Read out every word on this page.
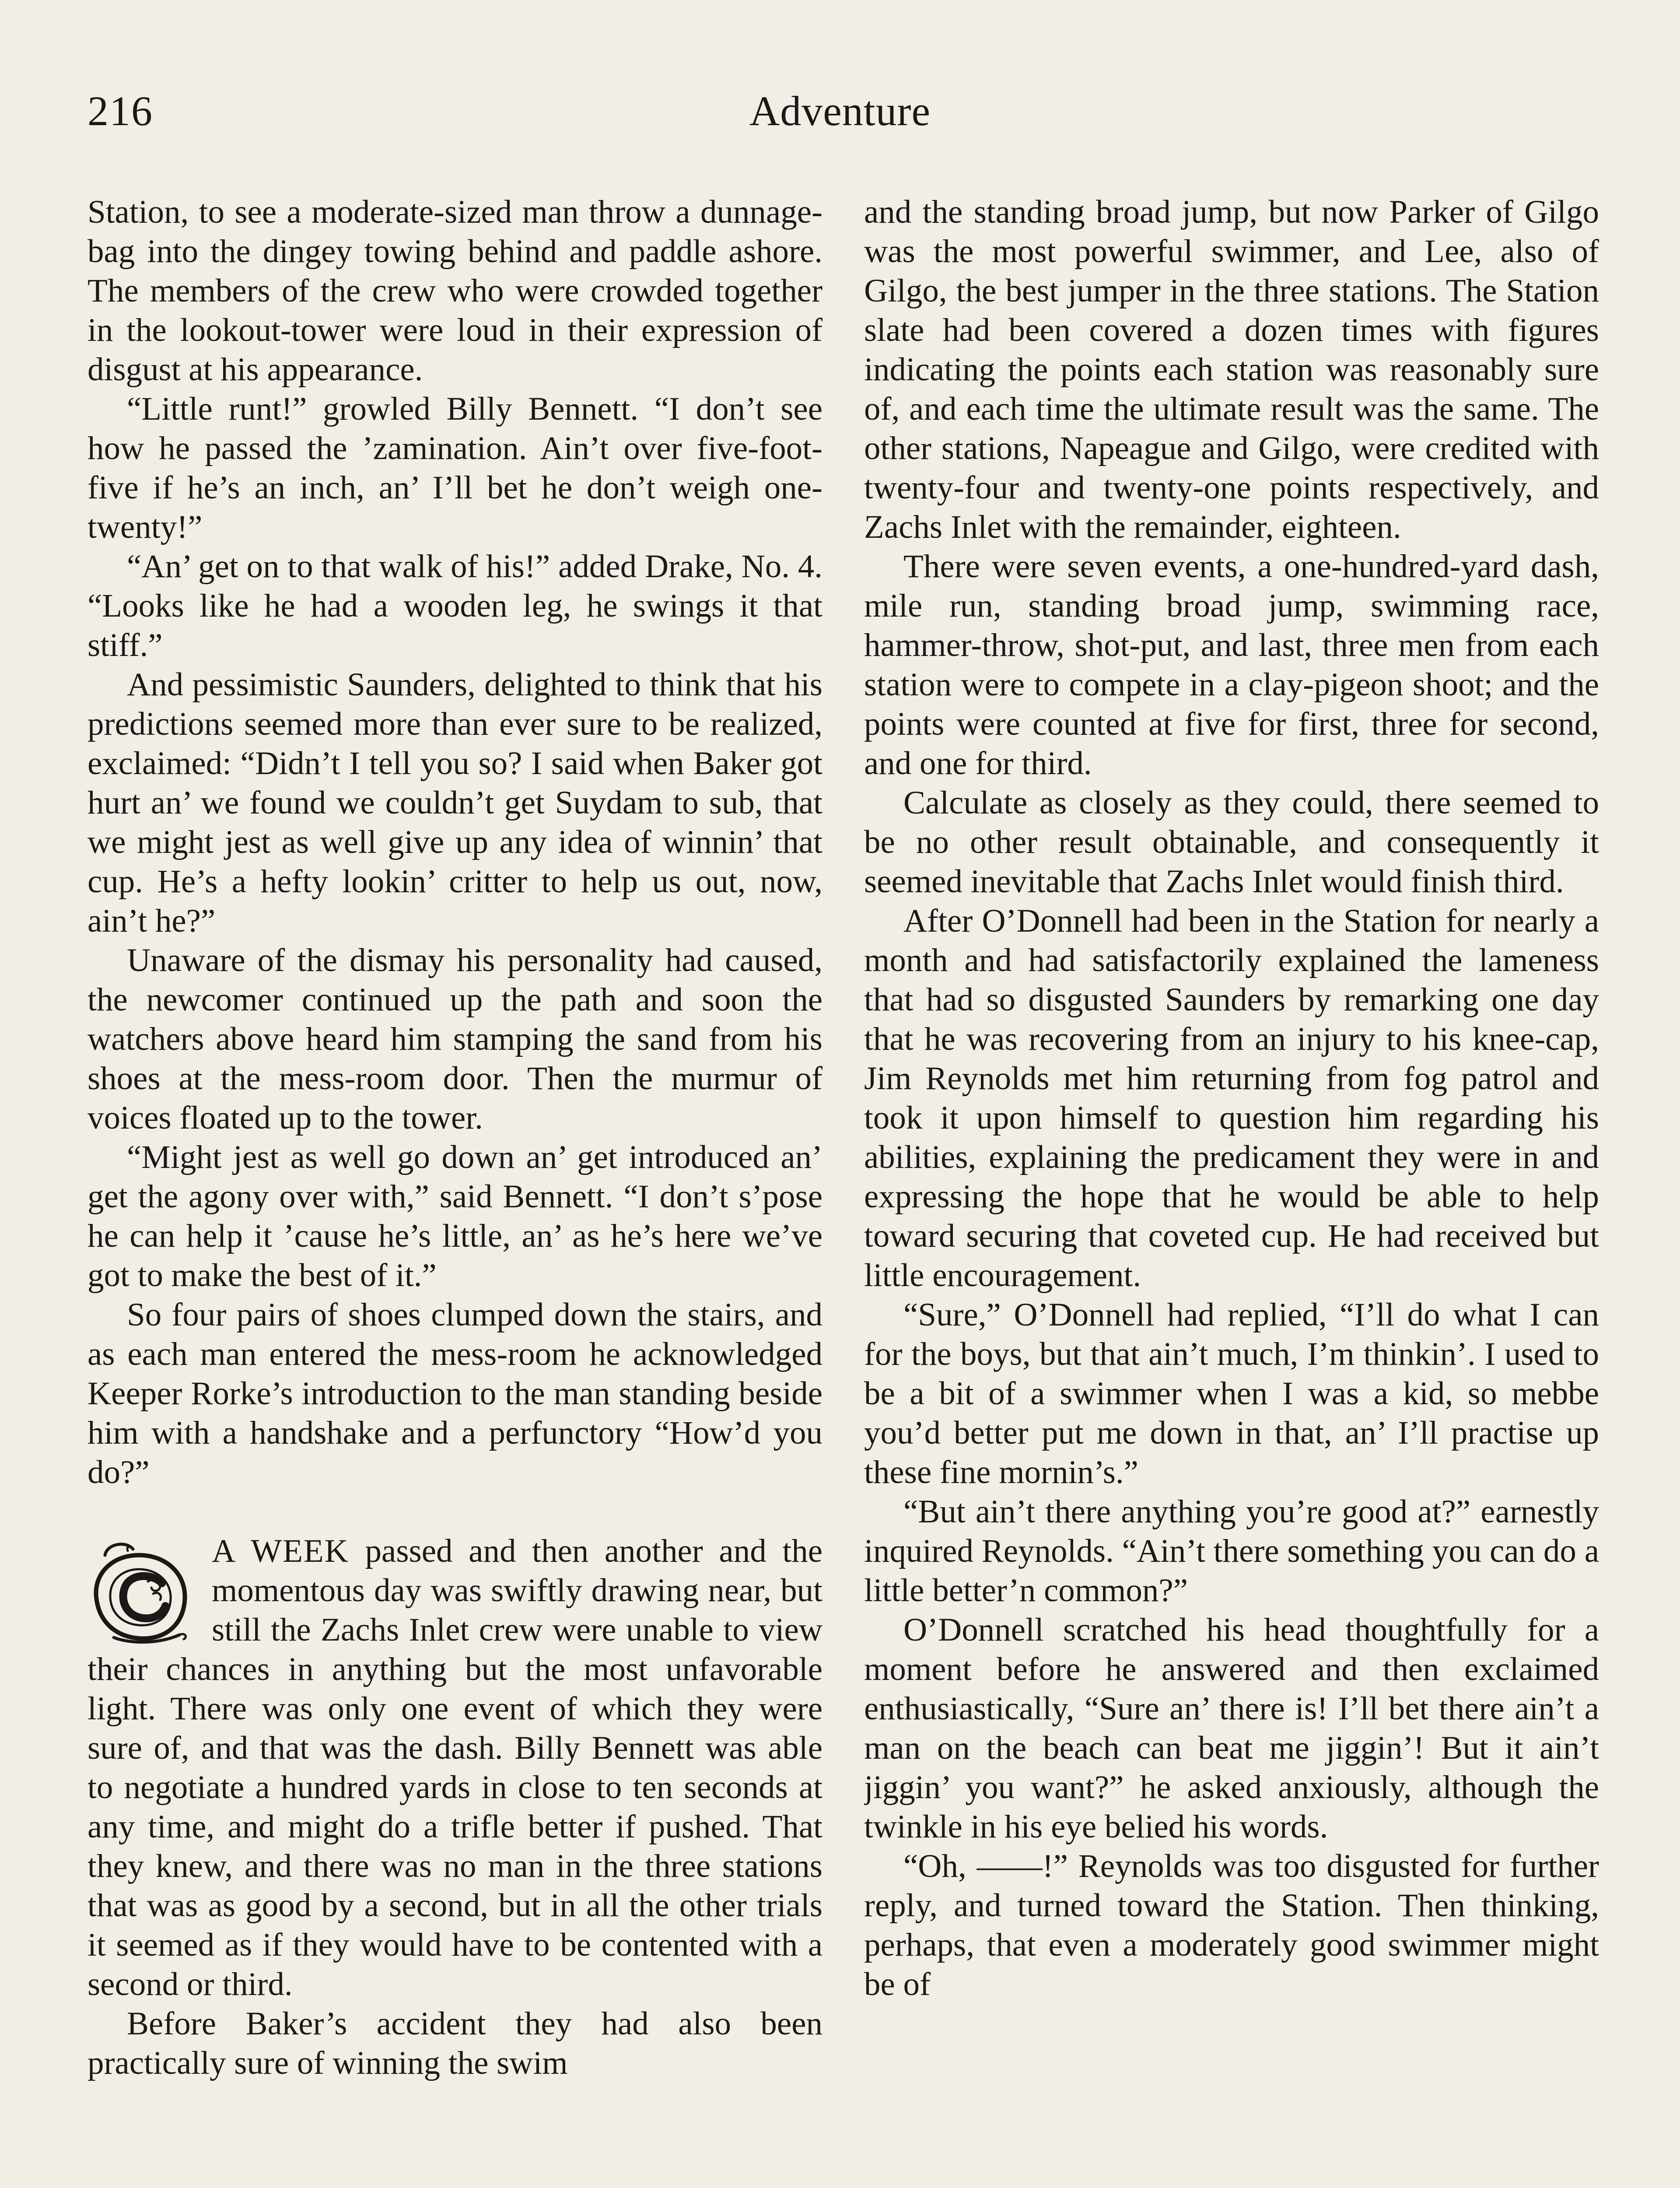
216	Adventure

Station, to see a moderate-sized man throw a dunnage-bag into the dingey towing behind and paddle ashore. The members of the crew who were crowded together in the lookout-tower were loud in their expression of disgust at his appearance.

“Little runt!” growled Billy Bennett. “I don’t see how he passed the ’zamination. Ain’t over five-foot-five if he’s an inch, an’ I’ll bet he don’t weigh one-twenty!”

“An’ get on to that walk of his!” added Drake, No. 4. “Looks like he had a wooden leg, he swings it that stiff.”

And pessimistic Saunders, delighted to think that his predictions seemed more than ever sure to be realized, exclaimed: “Didn’t I tell you so? I said when Baker got hurt an’ we found we couldn’t get Suydam to sub, that we might jest as well give up any idea of winnin’ that cup. He’s a hefty lookin’ critter to help us out, now, ain’t he?”

Unaware of the dismay his personality had caused, the newcomer continued up the path and soon the watchers above heard him stamping the sand from his shoes at the mess-room door. Then the murmur of voices floated up to the tower.

“Might jest as well go down an’ get introduced an’ get the agony over with,” said Bennett. “I don’t s’pose he can help it ’cause he’s little, an’ as he’s here we’ve got to make the best of it.”

So four pairs of shoes clumped down the stairs, and as each man entered the mess-room he acknowledged Keeper Rorke’s introduction to the man standing beside him with a handshake and a perfunctory “How’d you do?”

A WEEK passed and then another and the momentous day was swiftly drawing near, but still the Zachs Inlet crew were unable to view their chances in anything but the most unfavorable light. There was only one event of which they were sure of, and that was the dash. Billy Bennett was able to negotiate a hundred yards in close to ten seconds at any time, and might do a trifle better if pushed. That they knew, and there was no man in the three stations that was as good by a second, but in all the other trials it seemed as if they would have to be contented with a second or third.

Before Baker’s accident they had also been practically sure of winning the swim

and the standing broad jump, but now Parker of Gilgo was the most powerful swimmer, and Lee, also of Gilgo, the best jumper in the three stations. The Station slate had been covered a dozen times with figures indicating the points each station was reasonably sure of, and each time the ultimate result was the same. The other stations, Napeague and Gilgo, were credited with twenty-four and twenty-one points respectively, and Zachs Inlet with the remainder, eighteen.

There were seven events, a one-hundred-yard dash, mile run, standing broad jump, swimming race, hammer-throw, shot-put, and last, three men from each station were to compete in a clay-pigeon shoot; and the points were counted at five for first, three for second, and one for third.

Calculate as closely as they could, there seemed to be no other result obtainable, and consequently it seemed inevitable that Zachs Inlet would finish third.

After O’Donnell had been in the Station for nearly a month and had satisfactorily explained the lameness that had so disgusted Saunders by remarking one day that he was recovering from an injury to his knee-cap, Jim Reynolds met him returning from fog patrol and took it upon himself to question him regarding his abilities, explaining the predicament they were in and expressing the hope that he would be able to help toward securing that coveted cup. He had received but little encouragement.

“Sure,” O’Donnell had replied, “I’ll do what I can for the boys, but that ain’t much, I’m thinkin’. I used to be a bit of a swimmer when I was a kid, so mebbe you’d better put me down in that, an’ I’ll practise up these fine mornin’s.”

“But ain’t there anything you’re good at?” earnestly inquired Reynolds. “Ain’t there something you can do a little better’n common?”

O’Donnell scratched his head thoughtfully for a moment before he answered and then exclaimed enthusiastically, “Sure an’ there is! I’ll bet there ain’t a man on the beach can beat me jiggin’! But it ain’t jiggin’ you want?” he asked anxiously, although the twinkle in his eye belied his words.

“Oh, ——!” Reynolds was too disgusted for further reply, and turned toward the Station. Then thinking, perhaps, that even a moderately good swimmer might be of
